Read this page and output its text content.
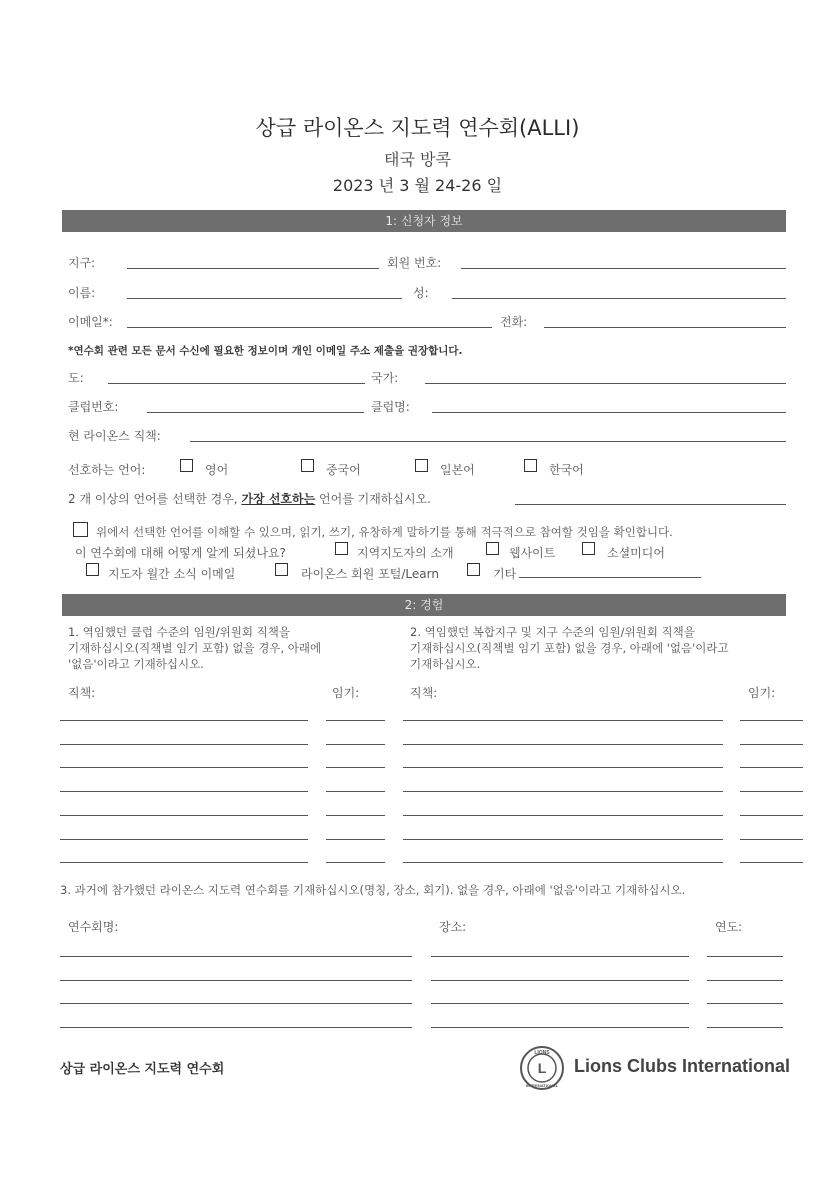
상급 라이온스 지도력 연수회(ALLI)
태국 방콕
2023 년 3 월 24-26 일
1: 신청자 정보
지구:	회원 번호:
이름:	성:
이메일*:	전화:
*연수회 관련 모든 문서 수신에 필요한 정보이며 개인 이메일 주소 제출을 권장합니다.
도:	국가:
클럽번호:	클럽명:
현 라이온스 직책:
선호하는 언어:	영어	중국어	일본어	한국어
2 개 이상의 언어를 선택한 경우, 가장 선호하는 언어를 기재하십시오.
위에서 선택한 언어를 이해할 수 있으며, 읽기, 쓰기, 유창하게 말하기를 통해 적극적으로 참여할 것임을 확인합니다.
이 연수회에 대해 어떻게 알게 되셨나요?	지역지도자의 소개	웹사이트	소셜미디어
지도자 월간 소식 이메일	라이온스 회원 포털/Learn	기타
2: 경험
1. 역임했던 클럽 수준의 임원/위원회 직책을
기재하십시오(직책별 임기 포함) 없을 경우, 아래에
'없음'이라고 기재하십시오.
2. 역임했던 복합지구 및 지구 수준의 임원/위원회 직책을
기재하십시오(직책별 임기 포함) 없을 경우, 아래에 '없음'이라고
기재하십시오.
직책:	임기:	직책:	임기:
3. 과거에 참가했던 라이온스 지도력 연수회를 기재하십시오(명칭, 장소, 회기). 없을 경우, 아래에 '없음'이라고 기재하십시오.
연수회명:	장소:	연도:
상급 라이온스 지도력 연수회	L
LIONS
INTERNATIONAL
Lions Clubs International
